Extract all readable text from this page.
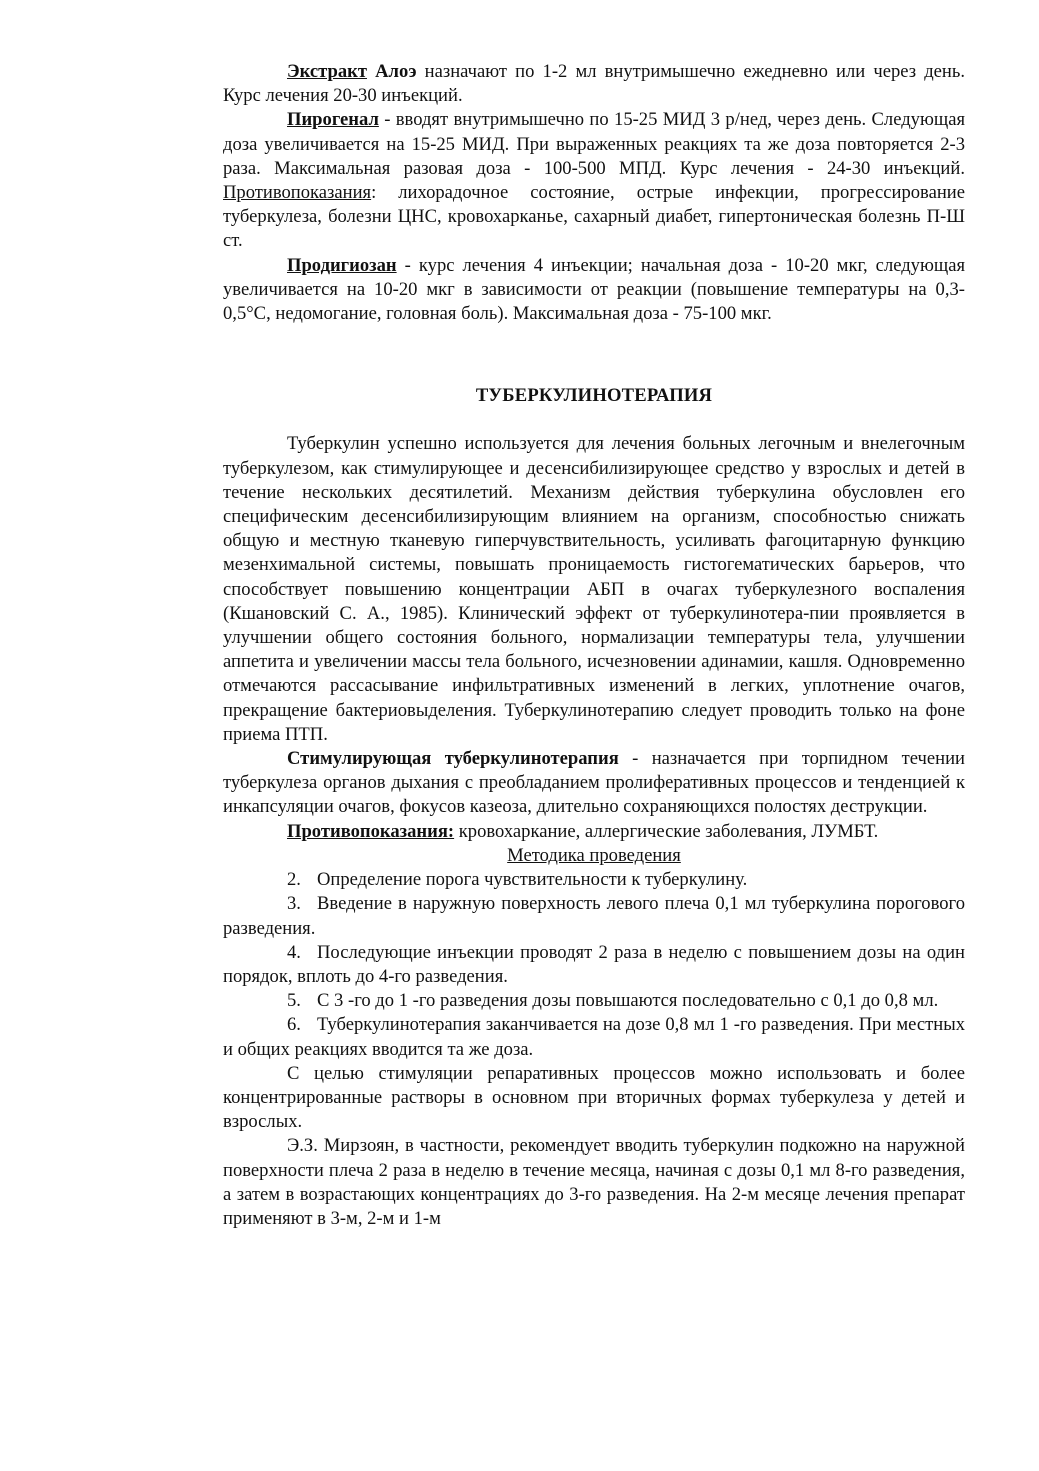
Экстракт Алоэ назначают по 1-2 мл внутримышечно ежедневно или через день. Курс лечения 20-30 инъекций.

Пирогенал - вводят внутримышечно по 15-25 МИД 3 р/нед, через день. Следующая доза увеличивается на 15-25 МИД. При выраженных реакциях та же доза повторяется 2-3 раза. Максимальная разовая доза - 100-500 МПД. Курс лечения - 24-30 инъекций. Противопоказания: лихорадочное состояние, острые инфекции, прогрессирование туберкулеза, болезни ЦНС, кровохарканье, сахарный диабет, гипертоническая болезнь П-Ш ст.

Продигиозан - курс лечения 4 инъекции; начальная доза - 10-20 мкг, следующая увеличивается на 10-20 мкг в зависимости от реакции (повышение температуры на 0,3-0,5°С, недомогание, головная боль). Максимальная доза - 75-100 мкг.

ТУБЕРКУЛИНОТЕРАПИЯ

Туберкулин успешно используется для лечения больных легочным и внелегочным туберкулезом, как стимулирующее и десенсибилизирующее средство у взрослых и детей в течение нескольких десятилетий. Механизм действия туберкулина обусловлен его специфическим десенсибилизирующим влиянием на организм, способностью снижать общую и местную тканевую гиперчувствительность, усиливать фагоцитарную функцию мезенхимальной системы, повышать проницаемость гистогематических барьеров, что способствует повышению концентрации АБП в очагах туберкулезного воспаления (Кшановский С. А., 1985). Клинический эффект от туберкулинотера-пии проявляется в улучшении общего состояния больного, нормализации температуры тела, улучшении аппетита и увеличении массы тела больного, исчезновении адинамии, кашля. Одновременно отмечаются рассасывание инфильтративных изменений в легких, уплотнение очагов, прекращение бактериовыделения. Туберкулинотерапию следует проводить только на фоне приема ПТП.

Стимулирующая туберкулинотерапия - назначается при торпидном течении туберкулеза органов дыхания с преобладанием пролиферативных процессов и тенденцией к инкапсуляции очагов, фокусов казеоза, длительно сохраняющихся полостях деструкции.

Противопоказания: кровохаркание, аллергические заболевания, ЛУМБТ.

Методика проведения

2. Определение порога чувствительности к туберкулину.

3. Введение в наружную поверхность левого плеча 0,1 мл туберкулина порогового разведения.

4. Последующие инъекции проводят 2 раза в неделю с повышением дозы на один порядок, вплоть до 4-го разведения.

5. С 3 -го до 1 -го разведения дозы повышаются последовательно с 0,1 до 0,8 мл.

6. Туберкулинотерапия заканчивается на дозе 0,8 мл 1 -го разведения. При местных и общих реакциях вводится та же доза.

С целью стимуляции репаративных процессов можно использовать и более концентрированные растворы в основном при вторичных формах туберкулеза у детей и взрослых.

Э.З. Мирзоян, в частности, рекомендует вводить туберкулин подкожно на наружной поверхности плеча 2 раза в неделю в течение месяца, начиная с дозы 0,1 мл 8-го разведения, а затем в возрастающих концентрациях до 3-го разведения. На 2-м месяце лечения препарат применяют в 3-м, 2-м и 1-м
